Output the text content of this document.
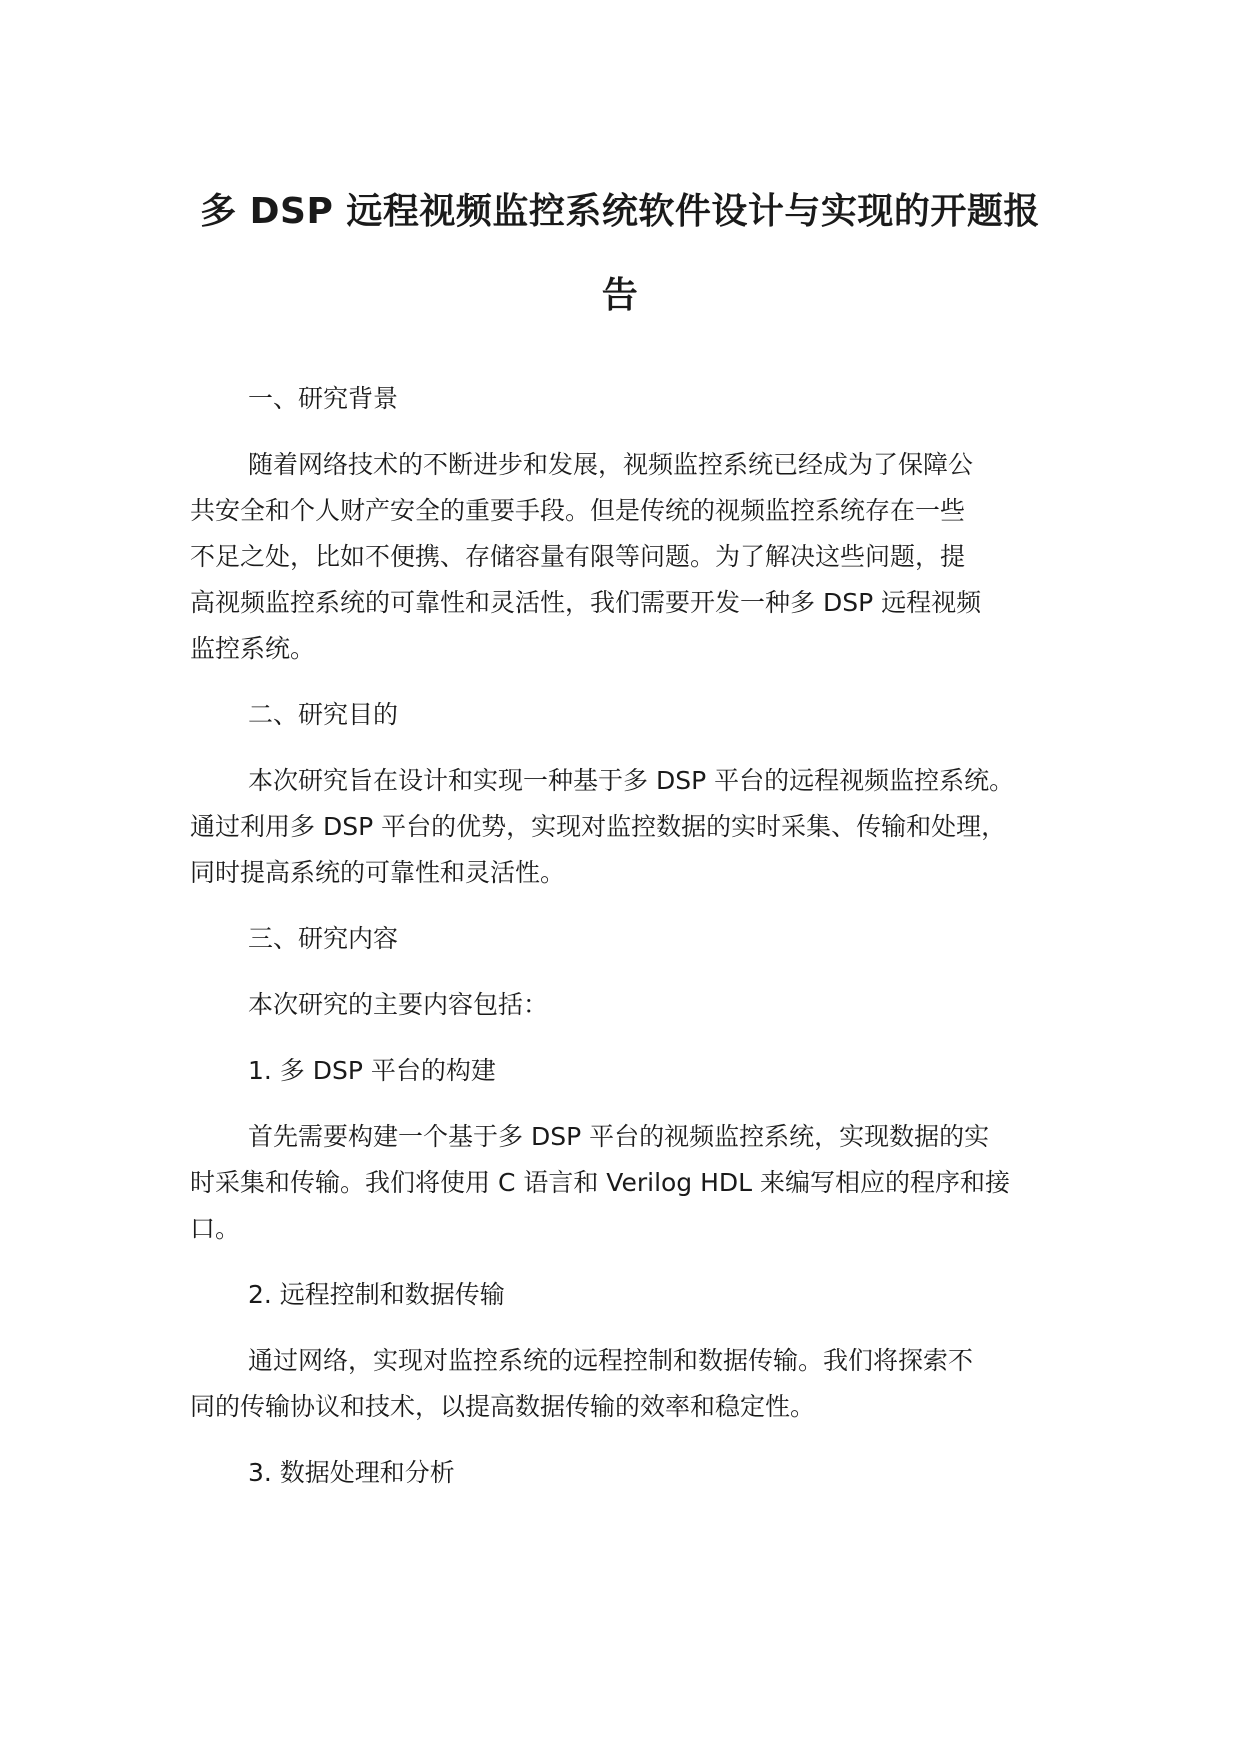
多 DSP 远程视频监控系统软件设计与实现的开题报
告

一、研究背景

随着网络技术的不断进步和发展，视频监控系统已经成为了保障公
共安全和个人财产安全的重要手段。但是传统的视频监控系统存在一些
不足之处，比如不便携、存储容量有限等问题。为了解决这些问题，提
高视频监控系统的可靠性和灵活性，我们需要开发一种多 DSP 远程视频
监控系统。

二、研究目的

本次研究旨在设计和实现一种基于多 DSP 平台的远程视频监控系统。
通过利用多 DSP 平台的优势，实现对监控数据的实时采集、传输和处理，
同时提高系统的可靠性和灵活性。

三、研究内容

本次研究的主要内容包括：

1. 多 DSP 平台的构建

首先需要构建一个基于多 DSP 平台的视频监控系统，实现数据的实
时采集和传输。我们将使用 C 语言和 Verilog HDL 来编写相应的程序和接
口。

2. 远程控制和数据传输

通过网络，实现对监控系统的远程控制和数据传输。我们将探索不
同的传输协议和技术，以提高数据传输的效率和稳定性。

3. 数据处理和分析
